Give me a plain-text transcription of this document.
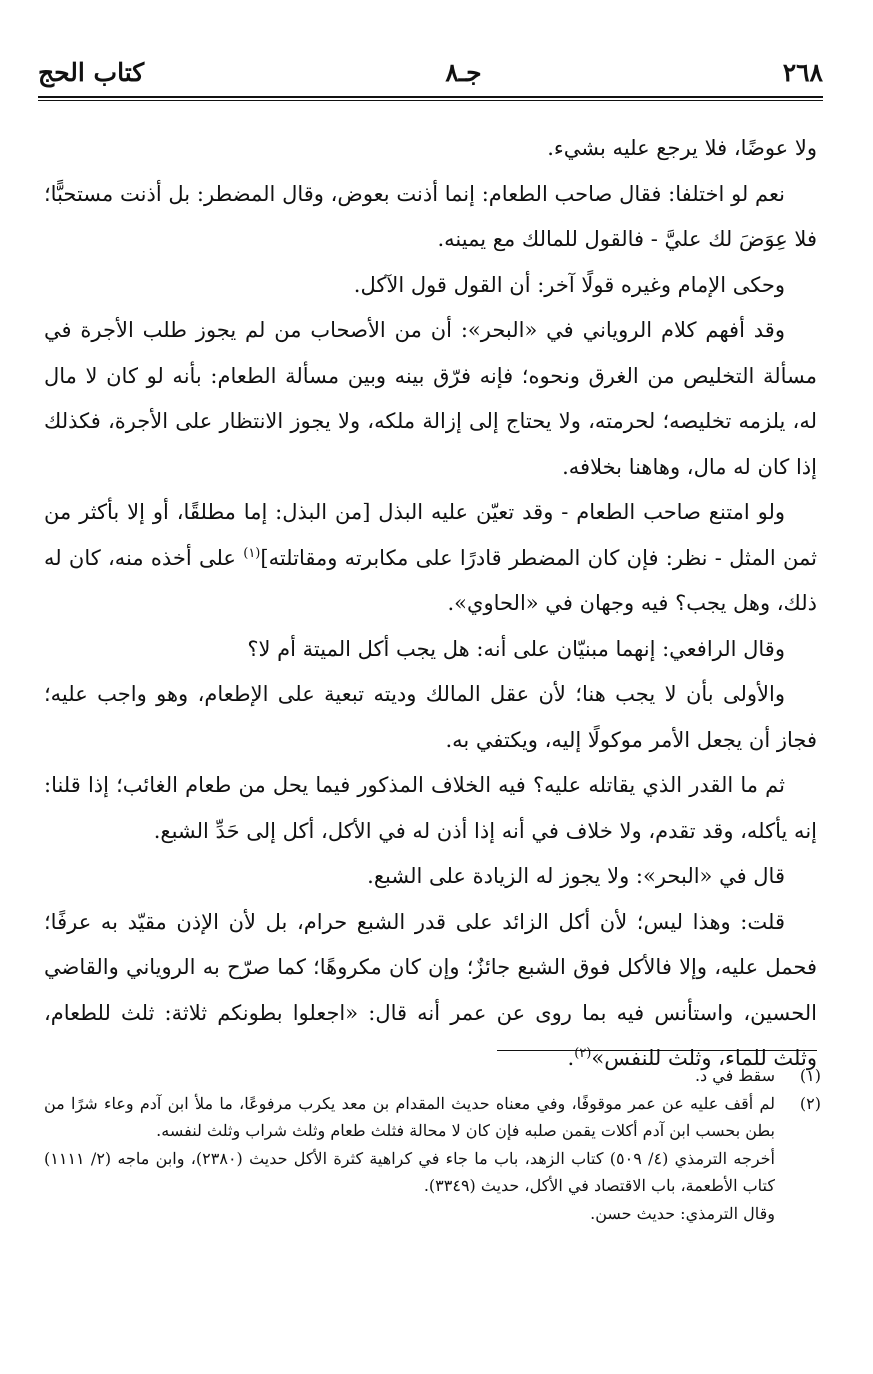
٢٦٨
جـ٨
كتاب الحج

ولا عوضًا، فلا يرجع عليه بشيء.

نعم لو اختلفا: فقال صاحب الطعام: إنما أذنت بعوض، وقال المضطر: بل أذنت مستحبًّا؛ فلا عِوَضَ لك عليَّ - فالقول للمالك مع يمينه.

وحكى الإمام وغيره قولًا آخر: أن القول قول الآكل.

وقد أفهم كلام الروياني في «البحر»: أن من الأصحاب من لم يجوز طلب الأجرة في مسألة التخليص من الغرق ونحوه؛ فإنه فرّق بينه وبين مسألة الطعام: بأنه لو كان لا مال له، يلزمه تخليصه؛ لحرمته، ولا يحتاج إلى إزالة ملكه، ولا يجوز الانتظار على الأجرة، فكذلك إذا كان له مال، وهاهنا بخلافه.

ولو امتنع صاحب الطعام - وقد تعيّن عليه البذل [من البذل: إما مطلقًا، أو إلا بأكثر من ثمن المثل - نظر: فإن كان المضطر قادرًا على مكابرته ومقاتلته]$^{(١)}$ على أخذه منه، كان له ذلك، وهل يجب؟ فيه وجهان في «الحاوي».

وقال الرافعي: إنهما مبنيّان على أنه: هل يجب أكل الميتة أم لا؟

والأولى بأن لا يجب هنا؛ لأن عقل المالك وديته تبعية على الإطعام، وهو واجب عليه؛ فجاز أن يجعل الأمر موكولًا إليه، ويكتفي به.

ثم ما القدر الذي يقاتله عليه؟ فيه الخلاف المذكور فيما يحل من طعام الغائب؛ إذا قلنا: إنه يأكله، وقد تقدم، ولا خلاف في أنه إذا أذن له في الأكل، أكل إلى حَدِّ الشبع.

قال في «البحر»: ولا يجوز له الزيادة على الشبع.

قلت: وهذا ليس؛ لأن أكل الزائد على قدر الشبع حرام، بل لأن الإذن مقيّد به عرفًا؛ فحمل عليه، وإلا فالأكل فوق الشبع جائزٌ؛ وإن كان مكروهًا؛ كما صرّح به الروياني والقاضي الحسين، واستأنس فيه بما روى عن عمر أنه قال: «اجعلوا بطونكم ثلاثة: ثلث للطعام، وثلث للماء، وثلث للنفس»$^{(٢)}$.

(١)
سقط في د.
(٢)
لم أقف عليه عن عمر موقوفًا، وفي معناه حديث المقدام بن معد يكرب مرفوعًا، ما ملأ ابن آدم وعاء شرًا من بطن بحسب ابن آدم أكلات يقمن صلبه فإن كان لا محالة فثلث طعام وثلث شراب وثلث لنفسه.
أخرجه الترمذي (٤/ ٥٠٩) كتاب الزهد، باب ما جاء في كراهية كثرة الأكل حديث (٢٣٨٠)، وابن ماجه (٢/ ١١١١) كتاب الأطعمة، باب الاقتصاد في الأكل، حديث (٣٣٤٩).
وقال الترمذي: حديث حسن.
